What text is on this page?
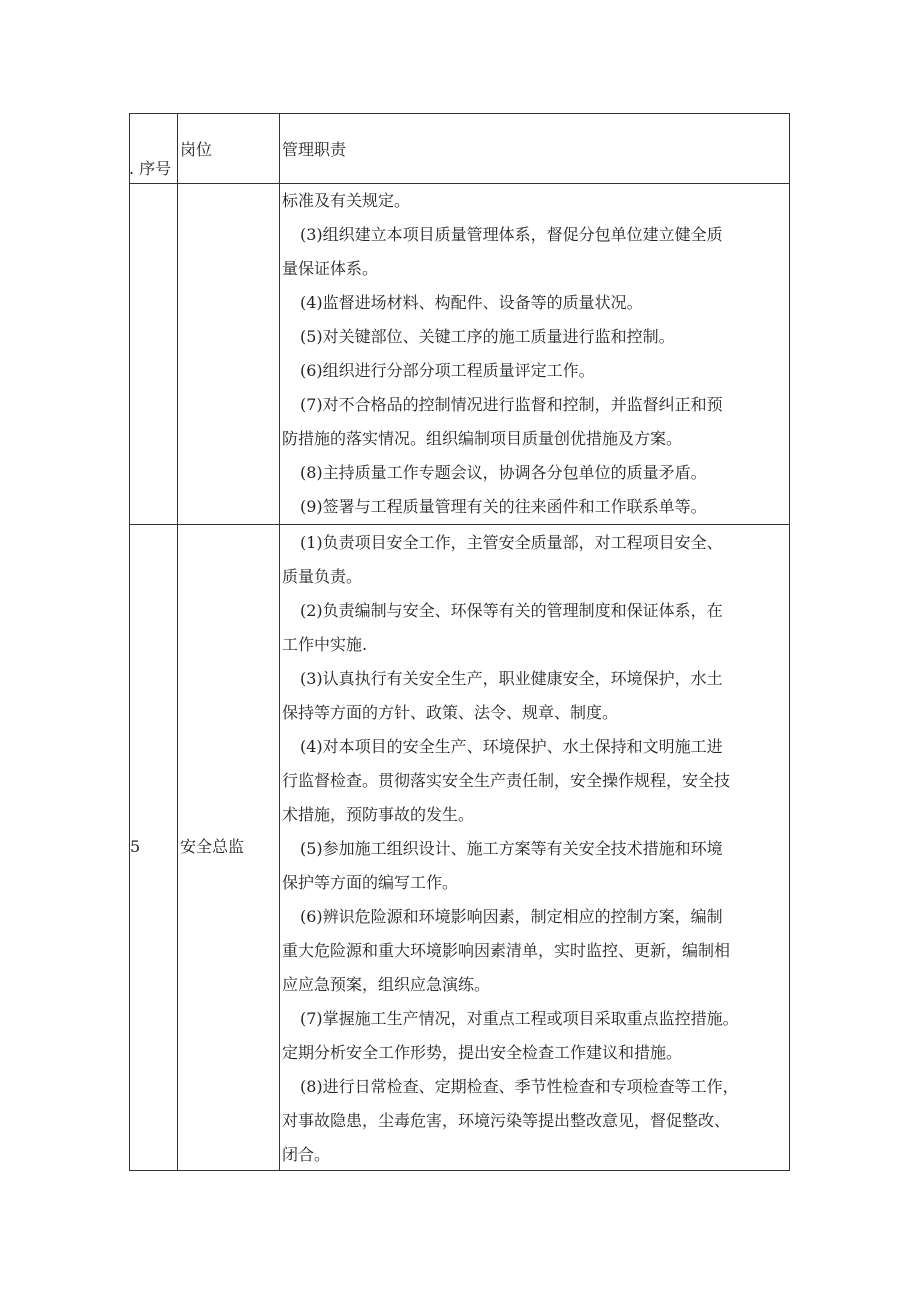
. 序号
岗位	管理职责
标准及有关规定。
(3)组织建立本项目质量管理体系，督促分包单位建立健全质
量保证体系。
(4)监督进场材料、构配件、设备等的质量状况。
(5)对关键部位、关键工序的施工质量进行监和控制。
(6)组织进行分部分项工程质量评定工作。
(7)对不合格品的控制情况进行监督和控制，并监督纠正和预
防措施的落实情况。组织编制项目质量创优措施及方案。
(8)主持质量工作专题会议，协调各分包单位的质量矛盾。
(9)签署与工程质量管理有关的往来函件和工作联系单等。
5 安全总监
(1)负责项目安全工作，主管安全质量部，对工程项目安全、
质量负责。
(2)负责编制与安全、环保等有关的管理制度和保证体系，在
工作中实施.
(3)认真执行有关安全生产，职业健康安全，环境保护，水土
保持等方面的方针、政策、法令、规章、制度。
(4)对本项目的安全生产、环境保护、水土保持和文明施工进
行监督检查。贯彻落实安全生产责任制，安全操作规程，安全技
术措施，预防事故的发生。
(5)参加施工组织设计、施工方案等有关安全技术措施和环境
保护等方面的编写工作。
(6)辨识危险源和环境影响因素，制定相应的控制方案，编制
重大危险源和重大环境影响因素清单，实时监控、更新，编制相
应应急预案，组织应急演练。
(7)掌握施工生产情况，对重点工程或项目采取重点监控措施。
定期分析安全工作形势，提出安全检查工作建议和措施。
(8)进行日常检查、定期检查、季节性检查和专项检查等工作，
对事故隐患，尘毒危害，环境污染等提出整改意见，督促整改、
闭合。
